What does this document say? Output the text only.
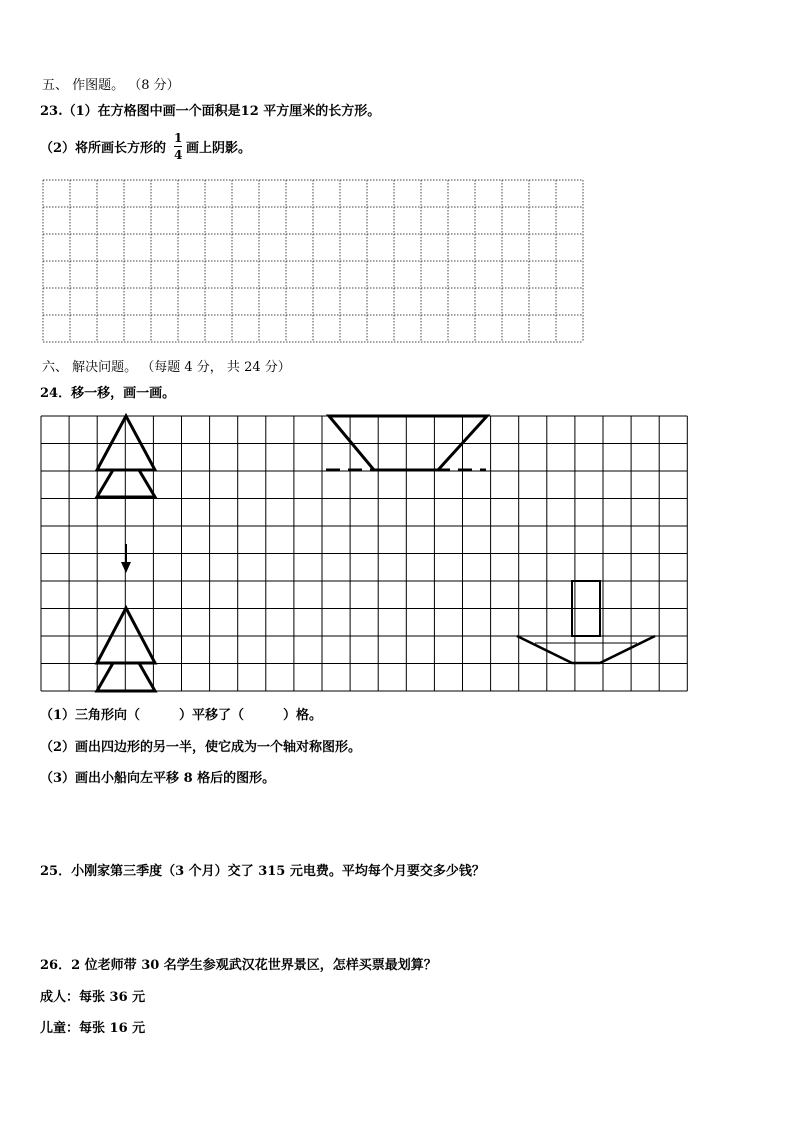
五、 作图题。 （8 分）
23.（1）在方格图中画一个面积是12 平方厘米的长方形。
（2）将所画长方形的
1
4 画上阴影。
六、 解决问题。 （每题 4 分， 共 24 分）
24．移一移，画一画。
（1）三角形向（　　　）平移了（　　　）格。
（2）画出四边形的另一半，使它成为一个轴对称图形。
（3）画出小船向左平移 8 格后的图形。
25．小刚家第三季度（3 个月）交了 315 元电费。平均每个月要交多少钱？
26．2 位老师带 30 名学生参观武汉花世界景区，怎样买票最划算？
成人：每张 36 元
儿童：每张 16 元
